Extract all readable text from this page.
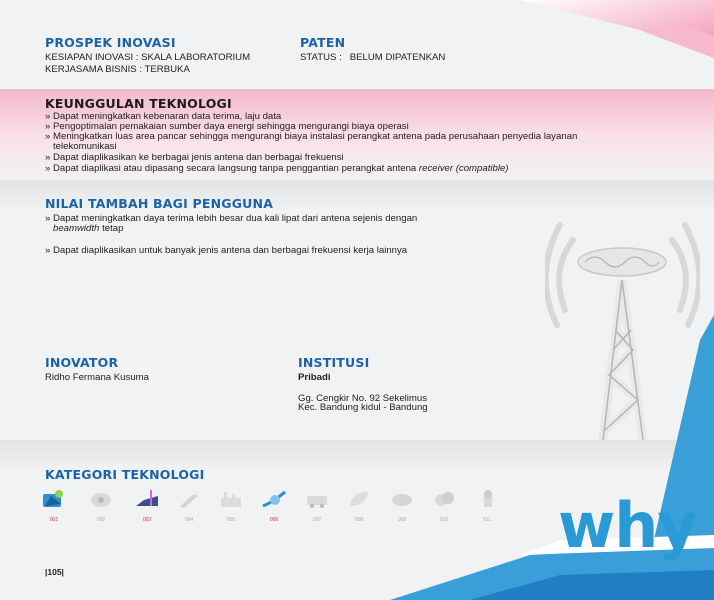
PROSPEK INOVASI

KESIAPAN INOVASI : SKALA LABORATORIUM

KERJASAMA BISNIS : TERBUKA

PATEN

STATUS :   BELUM DIPATENKAN

KEUNGGULAN TEKNOLOGI

» Dapat meningkatkan kebenaran data terima, laju data

» Pengoptimalan pemakaian sumber daya energi sehingga mengurangi biaya operasi

» Meningkatkan luas area pancar sehingga mengurangi biaya instalasi perangkat antena pada perusahaan penyedia layanan

telekomunikasi

» Dapat diaplikasikan ke berbagai jenis antena dan berbagai frekuensi

» Dapat diaplikasi atau dipasang secara langsung tanpa penggantian perangkat antena receiver (compatible)

NILAI TAMBAH BAGI PENGGUNA

» Dapat meningkatkan daya terima lebih besar dua kali lipat dari antena sejenis dengan

beamwidth tetap

» Dapat diaplikasikan untuk banyak jenis antena dan berbagai frekuensi kerja lainnya

INOVATOR

Ridho Fermana Kusuma

INSTITUSI

Pribadi

Gg. Cengkir No. 92 Sekelimus

Kec. Bandung kidul - Bandung

KATEGORI TEKNOLOGI
001	002	003	004	005	006	007	008	009	010	011 why

|105|
